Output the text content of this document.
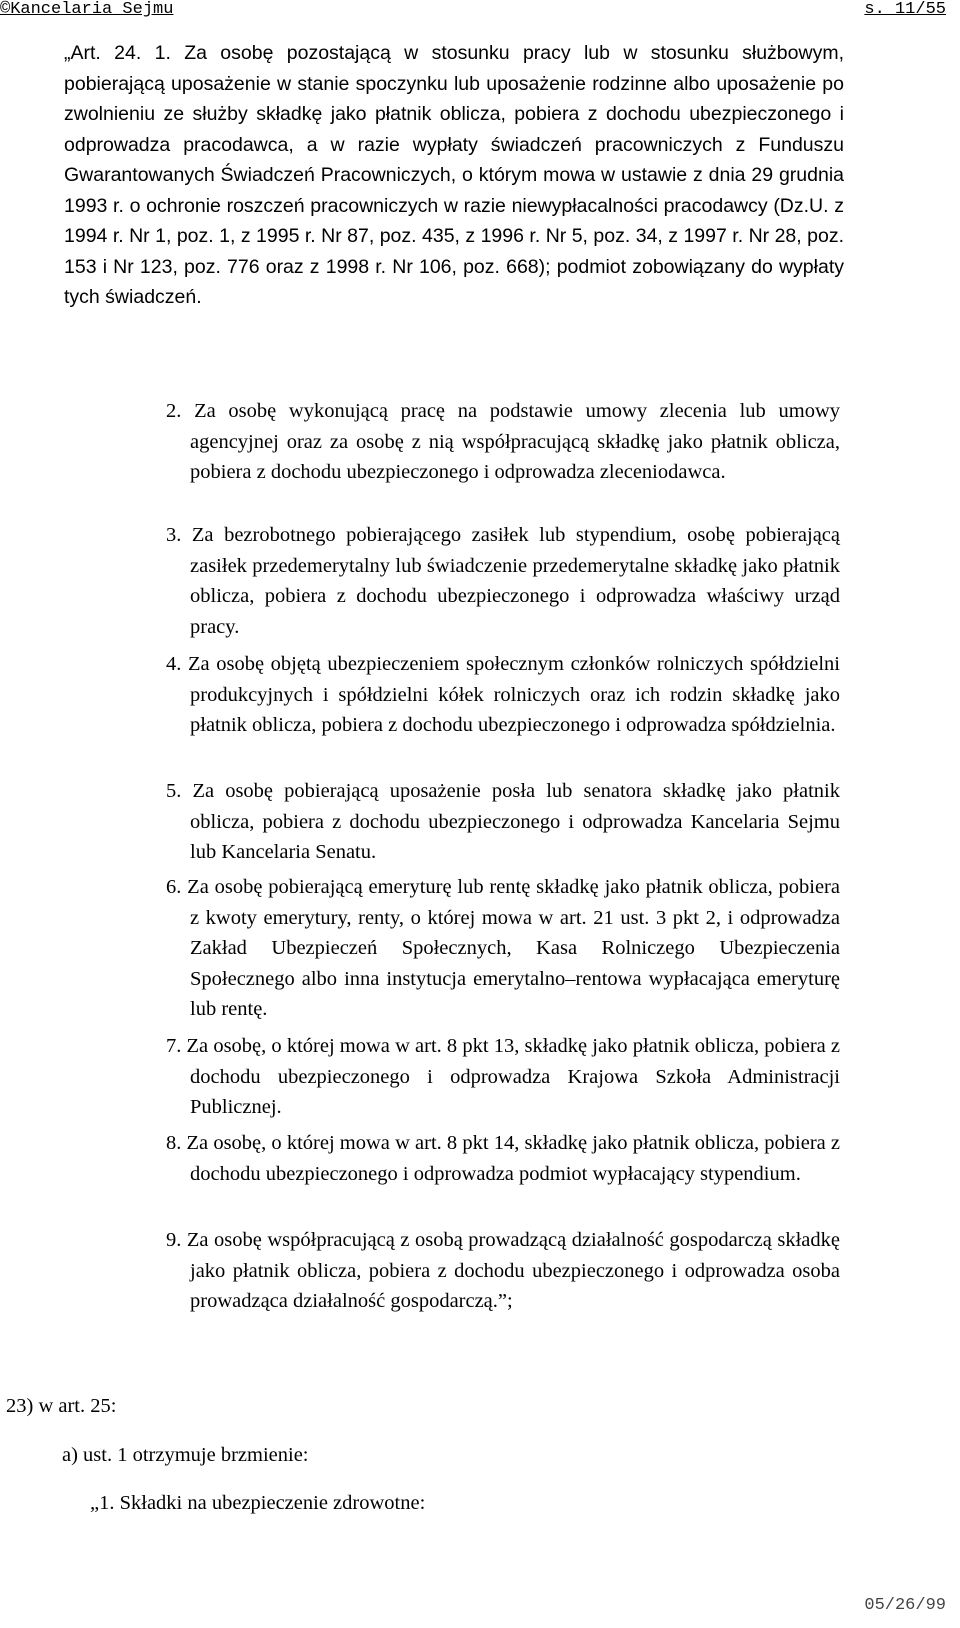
©Kancelaria Sejmu	s. 11/55

„Art. 24. 1. Za osobę pozostającą w stosunku pracy lub w stosunku służbowym, pobierającą uposażenie w stanie spoczynku lub uposażenie rodzinne albo uposażenie po zwolnieniu ze służby składkę jako płatnik oblicza, pobiera z dochodu ubezpieczonego i odprowadza pracodawca, a w razie wypłaty świadczeń pracowniczych z Funduszu Gwarantowanych Świadczeń Pracowniczych, o którym mowa w ustawie z dnia 29 grudnia 1993 r. o ochronie roszczeń pracowniczych w razie niewypłacalności pracodawcy (Dz.U. z 1994 r. Nr 1, poz. 1, z 1995 r. Nr 87, poz. 435, z 1996 r. Nr 5, poz. 34, z 1997 r. Nr 28, poz. 153 i Nr 123, poz. 776 oraz z 1998 r. Nr 106, poz. 668); podmiot zobowiązany do wypłaty tych świadczeń.

2. Za osobę wykonującą pracę na podstawie umowy zlecenia lub umowy agencyjnej oraz za osobę z nią współpracującą składkę jako płatnik oblicza, pobiera z dochodu ubezpieczonego i odprowadza zleceniodawca.

3. Za bezrobotnego pobierającego zasiłek lub stypendium, osobę pobierającą zasiłek przedemerytalny lub świadczenie przedemerytalne składkę jako płatnik oblicza, pobiera z dochodu ubezpieczonego i odprowadza właściwy urząd pracy.

4. Za osobę objętą ubezpieczeniem społecznym członków rolniczych spółdzielni produkcyjnych i spółdzielni kółek rolniczych oraz ich rodzin składkę jako płatnik oblicza, pobiera z dochodu ubezpieczonego i odprowadza spółdzielnia.

5. Za osobę pobierającą uposażenie posła lub senatora składkę jako płatnik oblicza, pobiera z dochodu ubezpieczonego i odprowadza Kancelaria Sejmu lub Kancelaria Senatu.

6. Za osobę pobierającą emeryturę lub rentę składkę jako płatnik oblicza, pobiera z kwoty emerytury, renty, o której mowa w art. 21 ust. 3 pkt 2, i odprowadza Zakład Ubezpieczeń Społecznych, Kasa Rolniczego Ubezpieczenia Społecznego albo inna instytucja emerytalno–rentowa wypłacająca emeryturę lub rentę.

7. Za osobę, o której mowa w art. 8 pkt 13, składkę jako płatnik oblicza, pobiera z dochodu ubezpieczonego i odprowadza Krajowa Szkoła Administracji Publicznej.

8. Za osobę, o której mowa w art. 8 pkt 14, składkę jako płatnik oblicza, pobiera z dochodu ubezpieczonego i odprowadza podmiot wypłacający stypendium.

9. Za osobę współpracującą z osobą prowadzącą działalność gospodarczą składkę jako płatnik oblicza, pobiera z dochodu ubezpieczonego i odprowadza osoba prowadząca działalność gospodarczą.”;

23) w art. 25:
a) ust. 1 otrzymuje brzmienie:
„1. Składki na ubezpieczenie zdrowotne:
05/26/99
